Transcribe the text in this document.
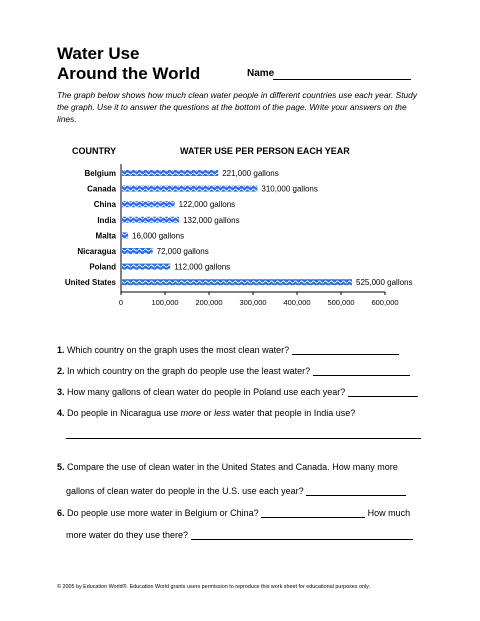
Water Use
Around the World	Name
The graph below shows how much clean water people in different countries use each year. Study the graph. Use it to answer the questions at the bottom of the page. Write your answers on the lines.
COUNTRY	WATER USE PER PERSON EACH YEAR
0	100,000 200,000 300,000 400,000 500,000 600,000
Belgium	221,000 gallons
Canada	310,000 gallons
China	122,000 gallons
India	132,000 gallons
Malta 16,000 gallons
Nicaragua	72,000 gallons
Poland	112,000 gallons
United States	525,000 gallons
1. Which country on the graph uses the most clean water?
2. In which country on the graph do people use the least water?
3. How many gallons of clean water do people in Poland use each year?
4. Do people in Nicaragua use more or less water that people in India use?
5. Compare the use of clean water in the United States and Canada. How many more
gallons of clean water do people in the U.S. use each year?
6. Do people use more water in Belgium or China?	How much
more water do they use there?
© 2005 by Education World®. Education World grants users permission to reproduce this work sheet for educational purposes only.
